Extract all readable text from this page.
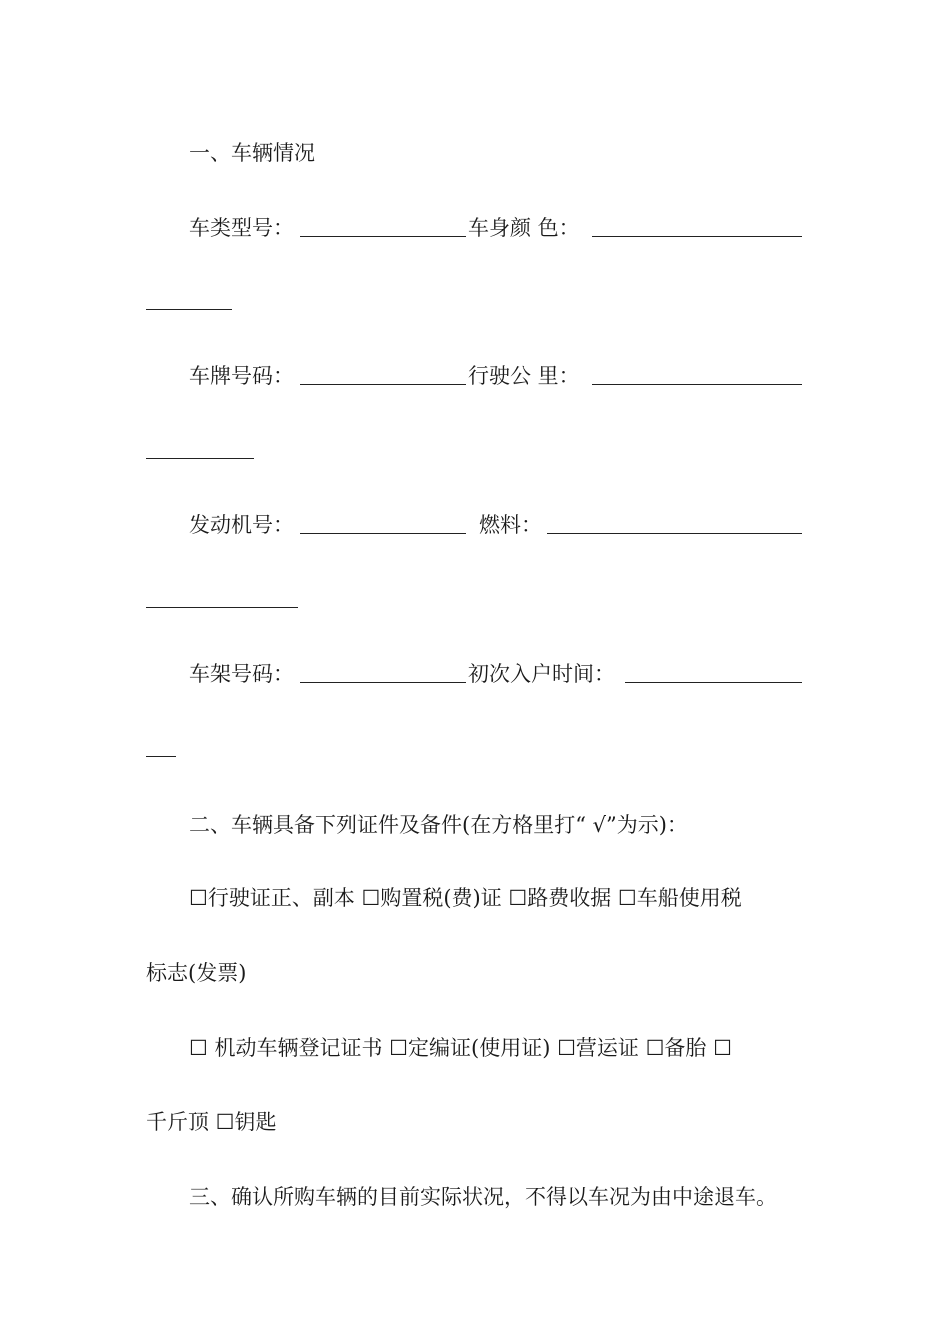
一、车辆情况
车类型号：	车身颜 色：
车牌号码：	行驶公 里：
发动机号：	燃料：
车架号码：	初次入户时间：
二、车辆具备下列证件及备件(在方格里打“ √”为示)：
☐行驶证正、副本 ☐购置税(费)证 ☐路费收据 ☐车船使用税
标志(发票)
☐ 机动车辆登记证书 ☐定编证(使用证) ☐营运证 ☐备胎 ☐
千斤顶 ☐钥匙
三、确认所购车辆的目前实际状况，不得以车况为由中途退车。
